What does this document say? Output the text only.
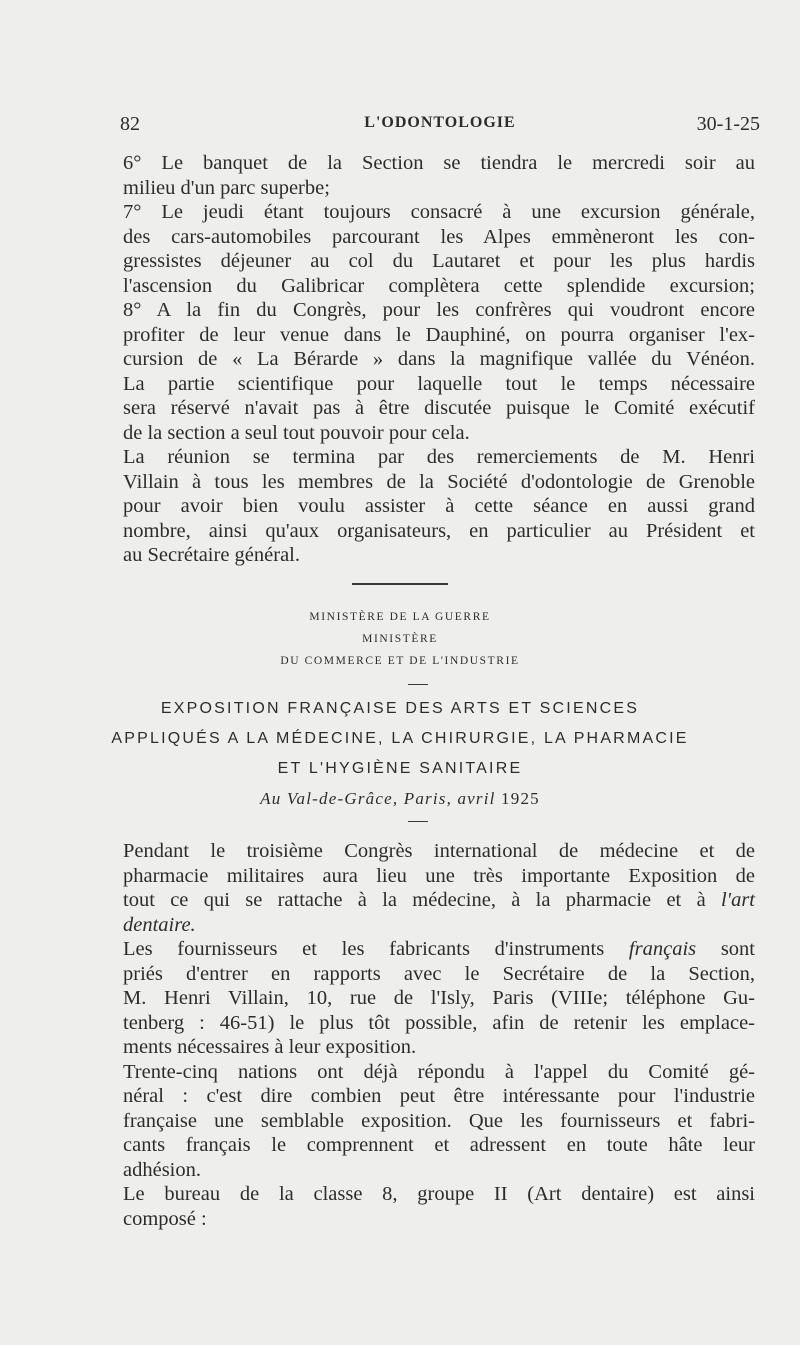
82	L'ODONTOLOGIE	30-1-25
6° Le banquet de la Section se tiendra le mercredi soir au
milieu d'un parc superbe;
7° Le jeudi étant toujours consacré à une excursion générale,
des cars-automobiles parcourant les Alpes emmèneront les con-
gressistes déjeuner au col du Lautaret et pour les plus hardis
l'ascension du Galibricar complètera cette splendide excursion;
8° A la fin du Congrès, pour les confrères qui voudront encore
profiter de leur venue dans le Dauphiné, on pourra organiser l'ex-
cursion de « La Bérarde » dans la magnifique vallée du Vénéon.
La partie scientifique pour laquelle tout le temps nécessaire
sera réservé n'avait pas à être discutée puisque le Comité exécutif
de la section a seul tout pouvoir pour cela.
La réunion se termina par des remerciements de M. Henri
Villain à tous les membres de la Société d'odontologie de Grenoble
pour avoir bien voulu assister à cette séance en aussi grand
nombre, ainsi qu'aux organisateurs, en particulier au Président et
au Secrétaire général.
MINISTÈRE DE LA GUERRE
MINISTÈRE
DU COMMERCE ET DE L'INDUSTRIE
EXPOSITION FRANÇAISE DES ARTS ET SCIENCES
APPLIQUÉS A LA MÉDECINE, LA CHIRURGIE, LA PHARMACIE
ET L'HYGIÈNE SANITAIRE
Au Val-de-Grâce, Paris, avril 1925
Pendant le troisième Congrès international de médecine et de
pharmacie militaires aura lieu une très importante Exposition de
tout ce qui se rattache à la médecine, à la pharmacie et à l'art
dentaire.
Les fournisseurs et les fabricants d'instruments français sont
priés d'entrer en rapports avec le Secrétaire de la Section,
M. Henri Villain, 10, rue de l'Isly, Paris (VIIIe; téléphone Gu-
tenberg : 46-51) le plus tôt possible, afin de retenir les emplace-
ments nécessaires à leur exposition.
Trente-cinq nations ont déjà répondu à l'appel du Comité gé-
néral : c'est dire combien peut être intéressante pour l'industrie
française une semblable exposition. Que les fournisseurs et fabri-
cants français le comprennent et adressent en toute hâte leur
adhésion.
Le bureau de la classe 8, groupe II (Art dentaire) est ainsi
composé :
